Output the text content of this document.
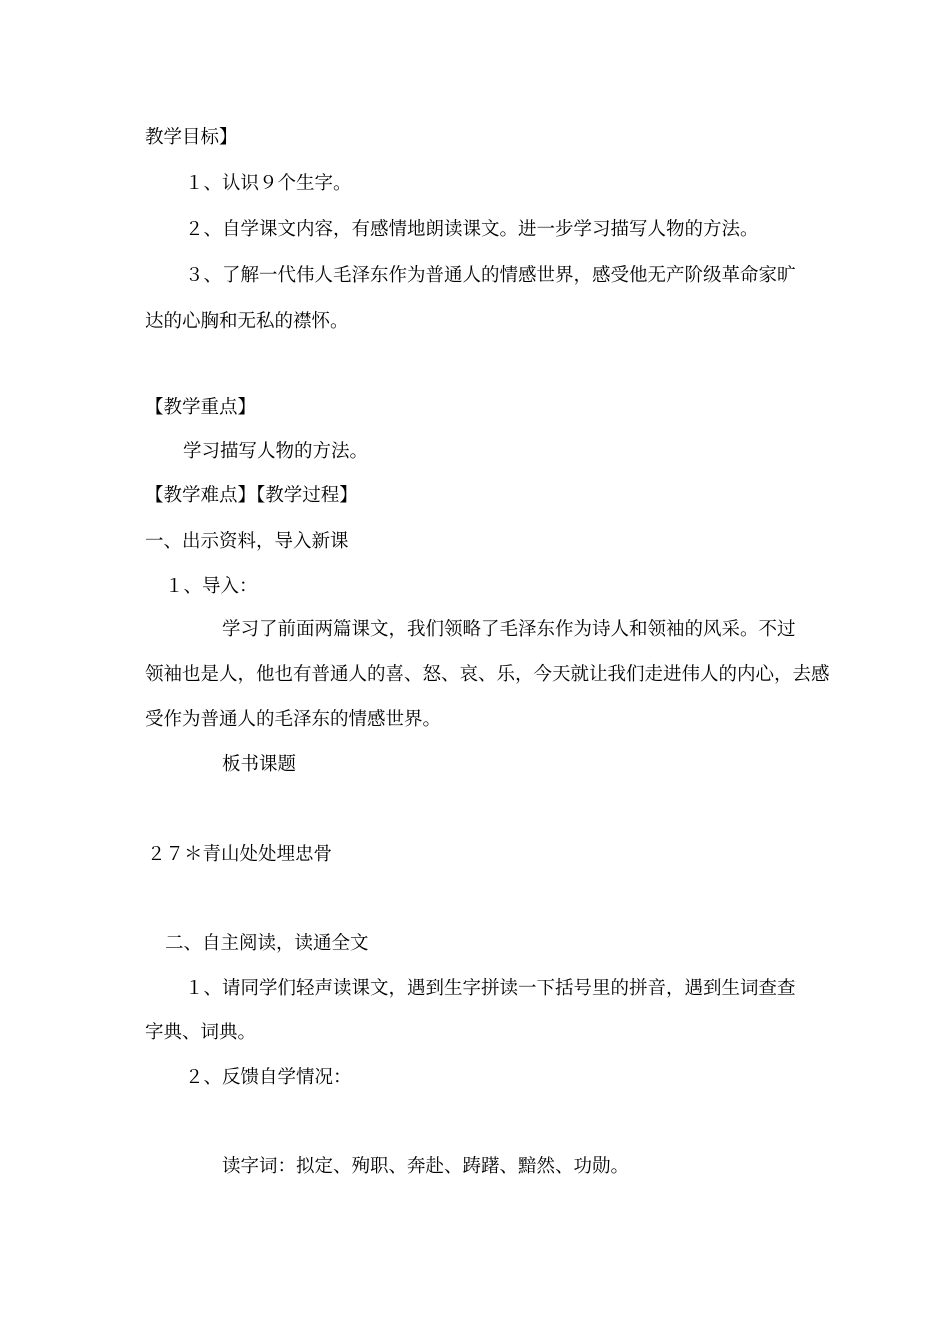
教学目标】

１、认识９个生字。

２、自学课文内容，有感情地朗读课文。进一步学习描写人物的方法。

３、了解一代伟人毛泽东作为普通人的情感世界，感受他无产阶级革命家旷

达的心胸和无私的襟怀。

【教学重点】

学习描写人物的方法。

【教学难点】【教学过程】

一、出示资料，导入新课

１、导入：

学习了前面两篇课文，我们领略了毛泽东作为诗人和领袖的风采。不过

领袖也是人，他也有普通人的喜、怒、哀、乐，今天就让我们走进伟人的内心，去感

受作为普通人的毛泽东的情感世界。

板书课题

２７＊青山处处埋忠骨

二、自主阅读，读通全文

１、请同学们轻声读课文，遇到生字拼读一下括号里的拼音，遇到生词查查

字典、词典。

２、反馈自学情况：

读字词：拟定、殉职、奔赴、踌躇、黯然、功勋。
